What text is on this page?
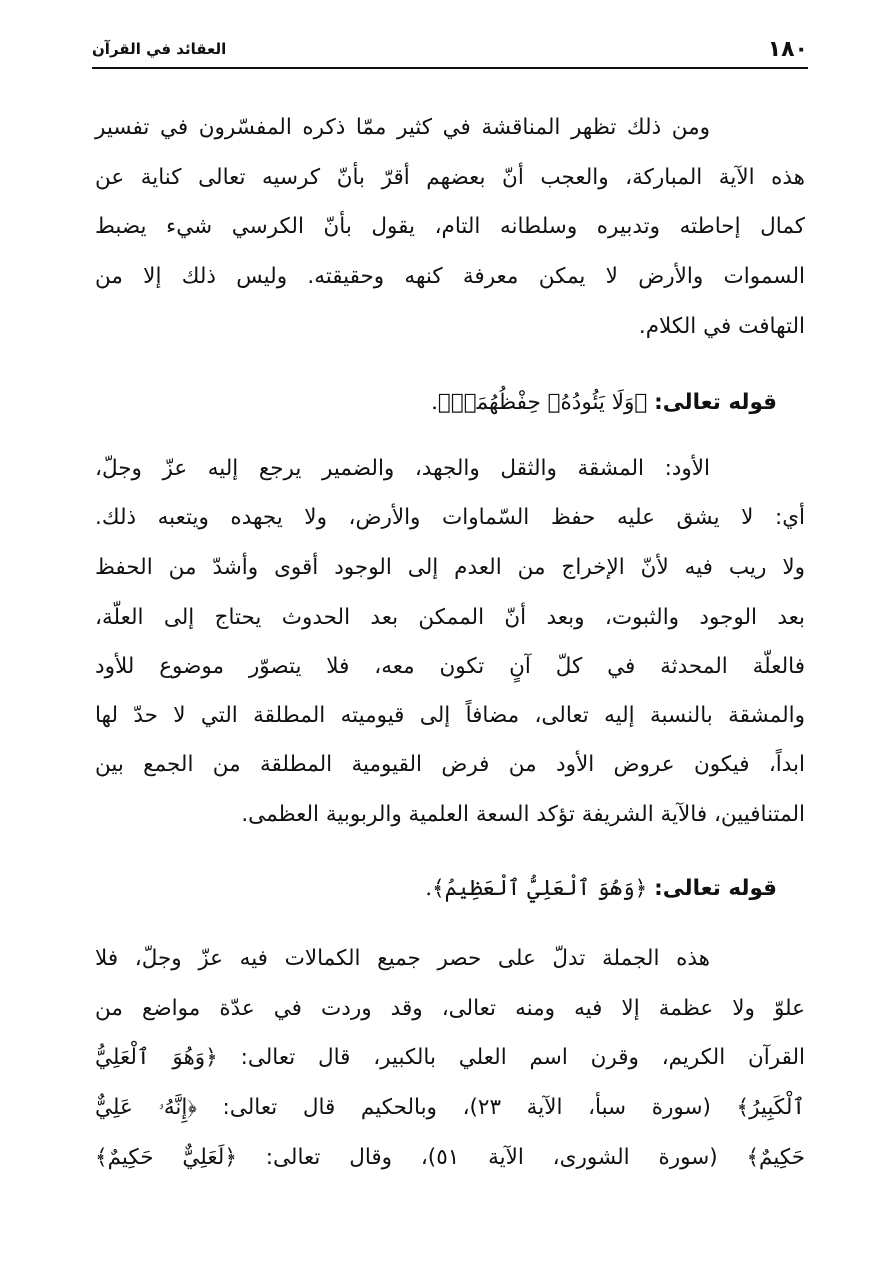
١٨٠
العقائد في القرآن
ومن ذلك تظهر المناقشة في كثير ممّا ذكره المفسّرون في تفسير
هذه الآية المباركة، والعجب أنّ بعضهم أقرّ بأنّ كرسيه تعالى كناية عن
كمال إحاطته وتدبيره وسلطانه التام، يقول بأنّ الكرسي شيء يضبط
السموات والأرض لا يمكن معرفة كنهه وحقيقته. وليس ذلك إلا من
التهافت في الكلام.
قوله تعالى: ﴿وَلَا يَئُودُهُۥ حِفْظُهُمَاۚ﴾.
الأود: المشقة والثقل والجهد، والضمير يرجع إليه عزّ وجلّ،
أي: لا يشق عليه حفظ السّماوات والأرض، ولا يجهده ويتعبه ذلك.
ولا ريب فيه لأنّ الإخراج من العدم إلى الوجود أقوى وأشدّ من الحفظ
بعد الوجود والثبوت، وبعد أنّ الممكن بعد الحدوث يحتاج إلى العلّة،
فالعلّة المحدثة في كلّ آنٍ تكون معه، فلا يتصوّر موضوع للأود
والمشقة بالنسبة إليه تعالى، مضافاً إلى قيوميته المطلقة التي لا حدّ لها
ابداً، فيكون عروض الأود من فرض القيومية المطلقة من الجمع بين
المتنافيين، فالآية الشريفة تؤكد السعة العلمية والربوبية العظمى.
قوله تعالى: ﴿وَهُوَ ٱلْعَلِيُّ ٱلْعَظِيمُ﴾.
هذه الجملة تدلّ على حصر جميع الكمالات فيه عزّ وجلّ، فلا
علوّ ولا عظمة إلا فيه ومنه تعالى، وقد وردت في عدّة مواضع من
القرآن الكريم، وقرن اسم العلي بالكبير، قال تعالى: ﴿وَهُوَ ٱلْعَلِيُّ
ٱلْكَبِيرُ﴾ (سورة سبأ، الآية ٢٣)، وبالحكيم قال تعالى: ﴿إِنَّهُۥ عَلِيٌّ
حَكِيمٌ﴾ (سورة الشورى، الآية ٥١)، وقال تعالى: ﴿لَعَلِيٌّ حَكِيمٌ﴾
